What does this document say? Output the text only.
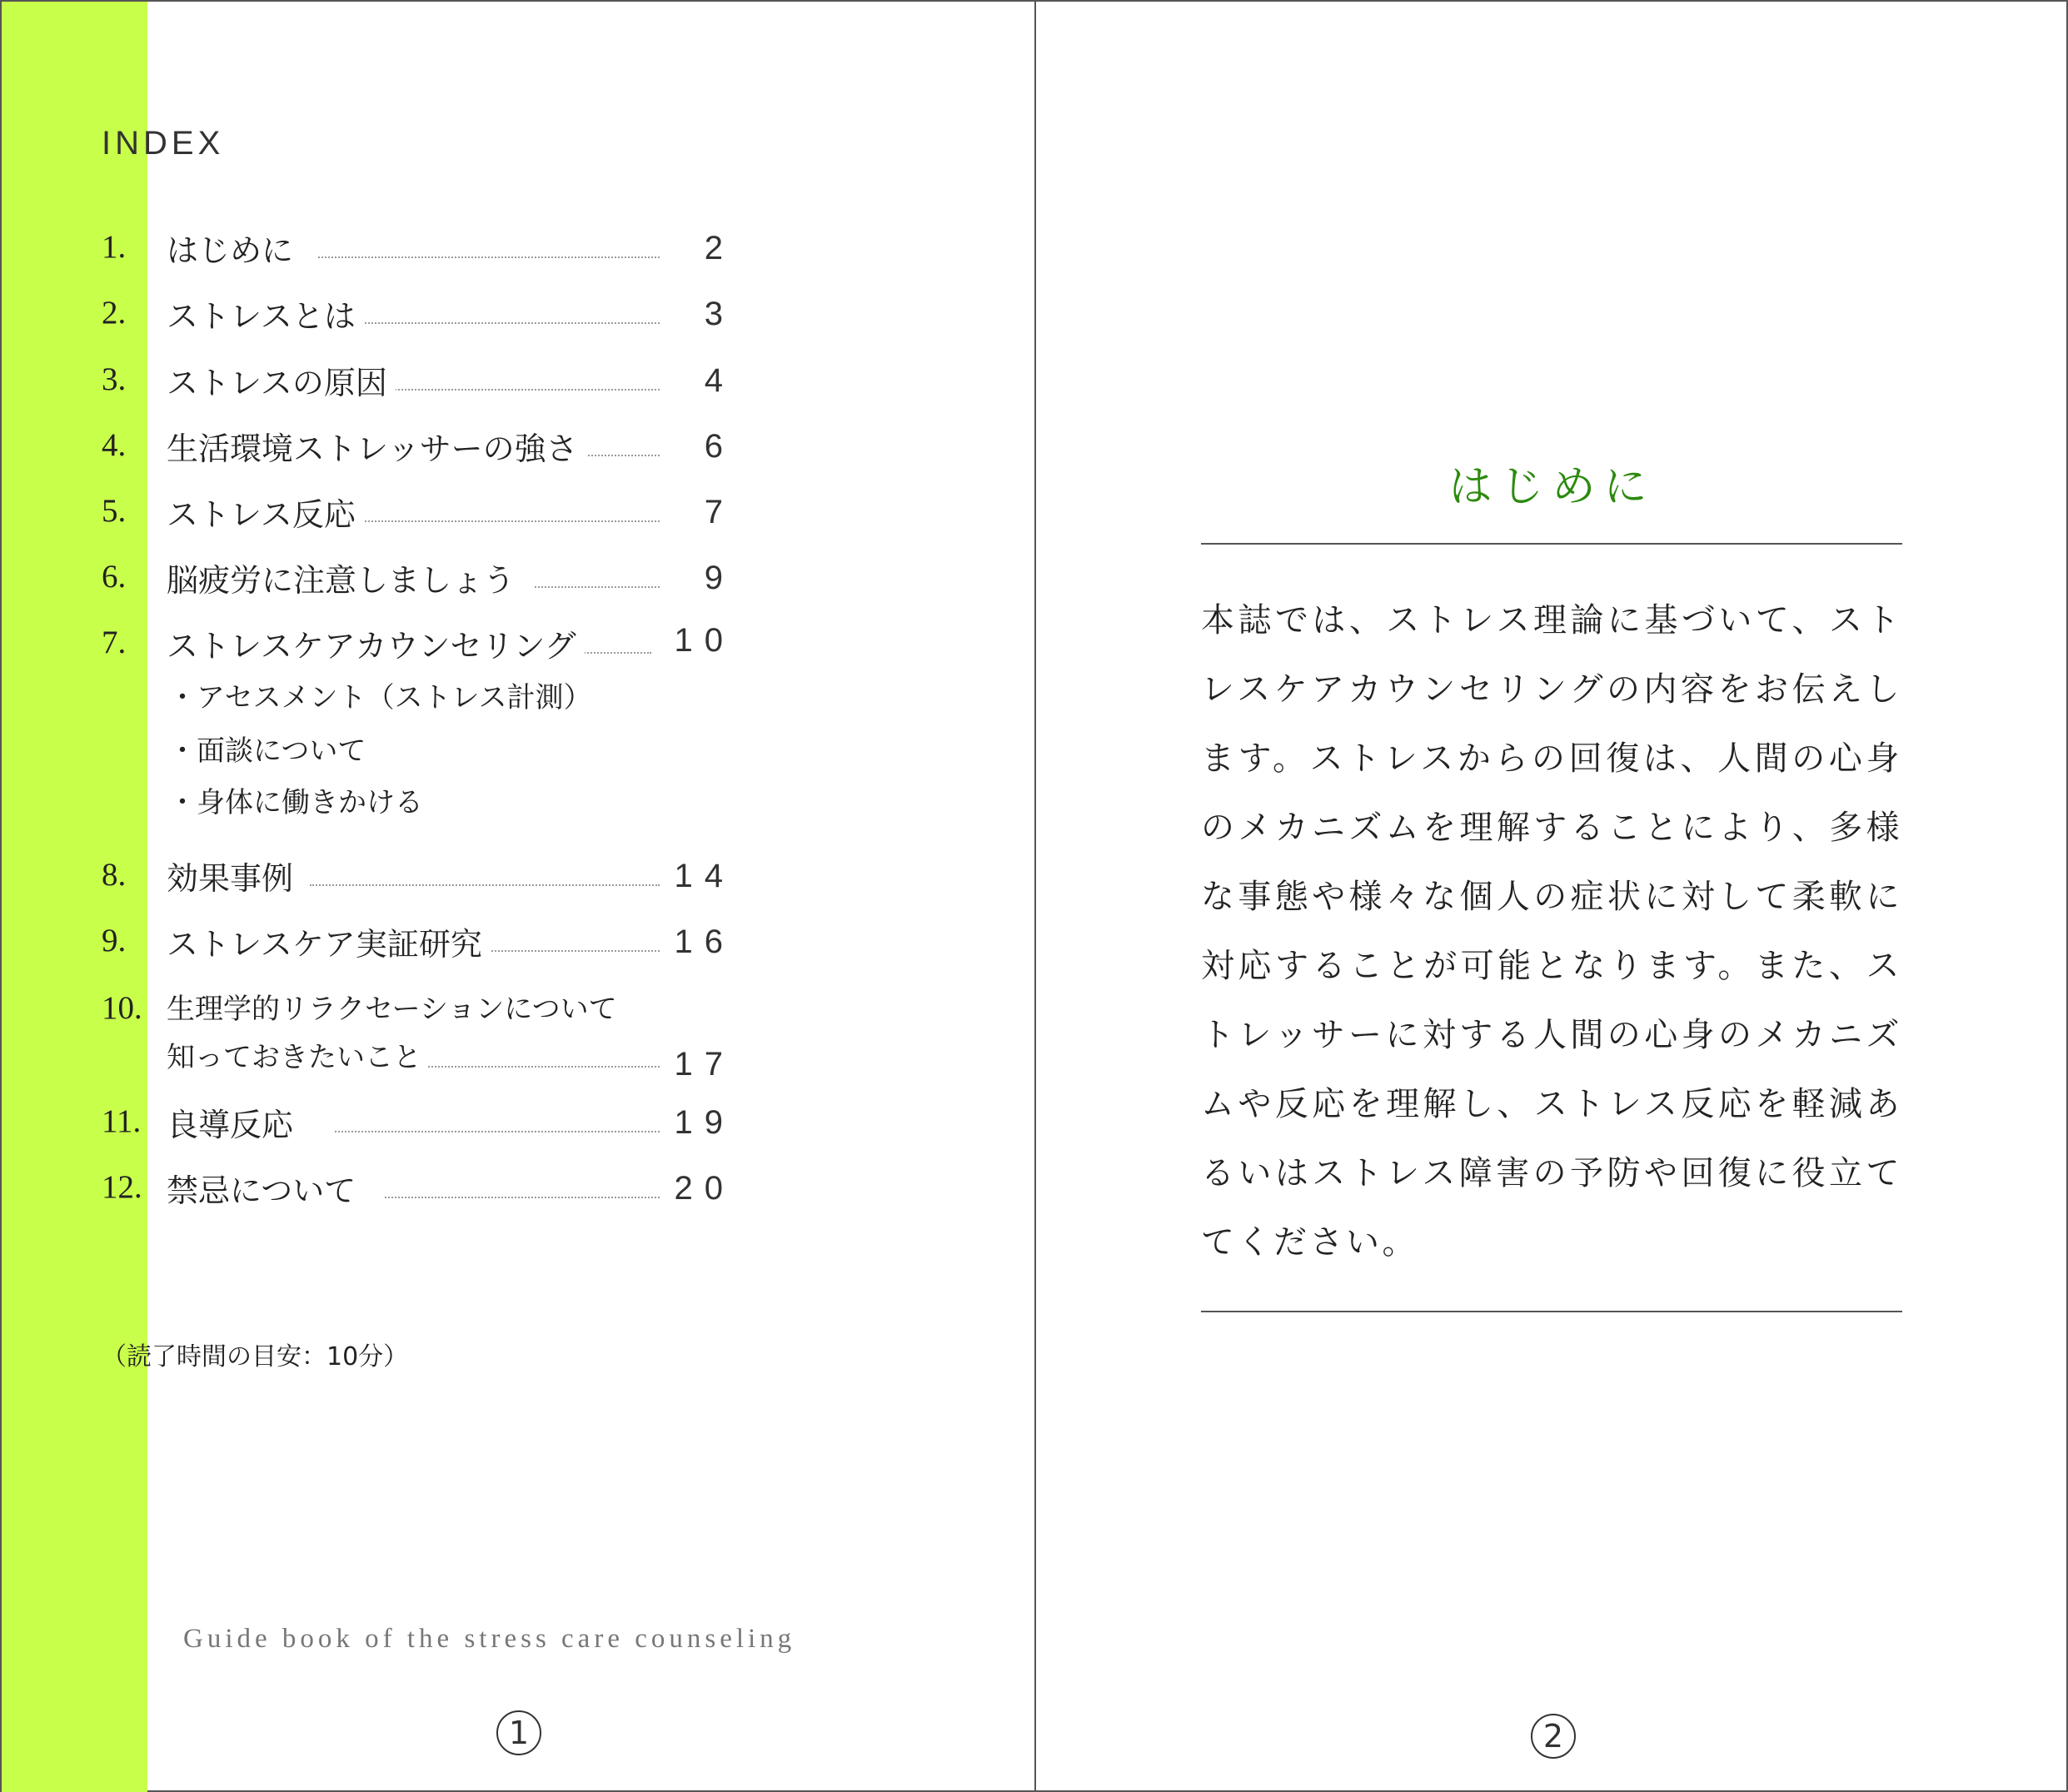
INDEX
1. はじめに	2
2. ストレスとは	3
3. ストレスの原因	4
4. 生活環境ストレッサーの強さ	6
5. ストレス反応	7
6. 脳疲労に注意しましょう	9
7. ストレスケアカウンセリング	10
・アセスメント（ストレス計測）
・面談について
・身体に働きかける
8. 効果事例	14
9. ストレスケア実証研究	16
10. 生理学的リラクセーションについて
知っておきたいこと	17
11. 良導反応	19
12. 禁忌について	20
（読了時間の目安：10分）
Guide book of the stress care counseling
1
はじめに
本誌では、ストレス理論に基づいて、ストレスケアカウンセリングの内容をお伝えします。ストレスからの回復は、人間の心身のメカニズムを理解することにより、多様な事態や様々な個人の症状に対して柔軟に対応することが可能となります。また、ストレッサーに対する人間の心身のメカニズムや反応を理解し、ストレス反応を軽減あるいはストレス障害の予防や回復に役立ててください。
2
